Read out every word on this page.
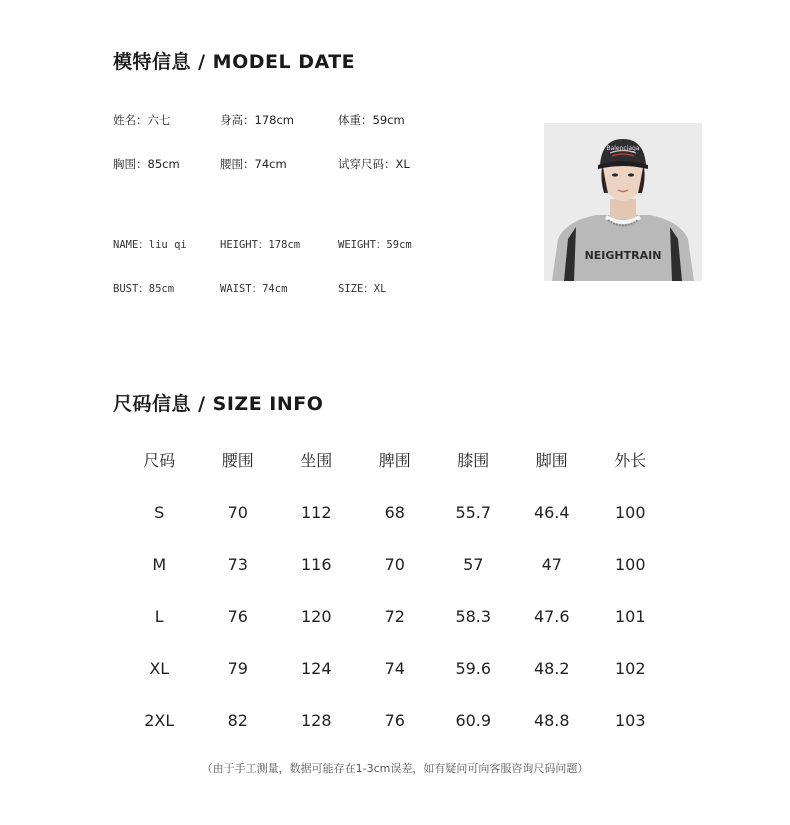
模特信息 / MODEL DATE
姓名：六七	身高：178cm	体重：59cm
胸围：85cm	腰围：74cm	试穿尺码：XL
NAME：liu qi	HEIGHT：178cm	WEIGHT：59cm
BUST：85cm	WAIST：74cm	SIZE：XL
Balenciaga
NEIGHTRAIN
尺码信息 / SIZE INFO
尺码	腰围	坐围	脾围	膝围	脚围	外长
S	70	112	68	55.7	46.4	100
M	73	116	70	57	47	100
L	76	120	72	58.3	47.6	101
XL	79	124	74	59.6	48.2	102
2XL	82	128	76	60.9	48.8	103
（由于手工测量，数据可能存在1-3cm误差，如有疑问可向客服咨询尺码问题）
